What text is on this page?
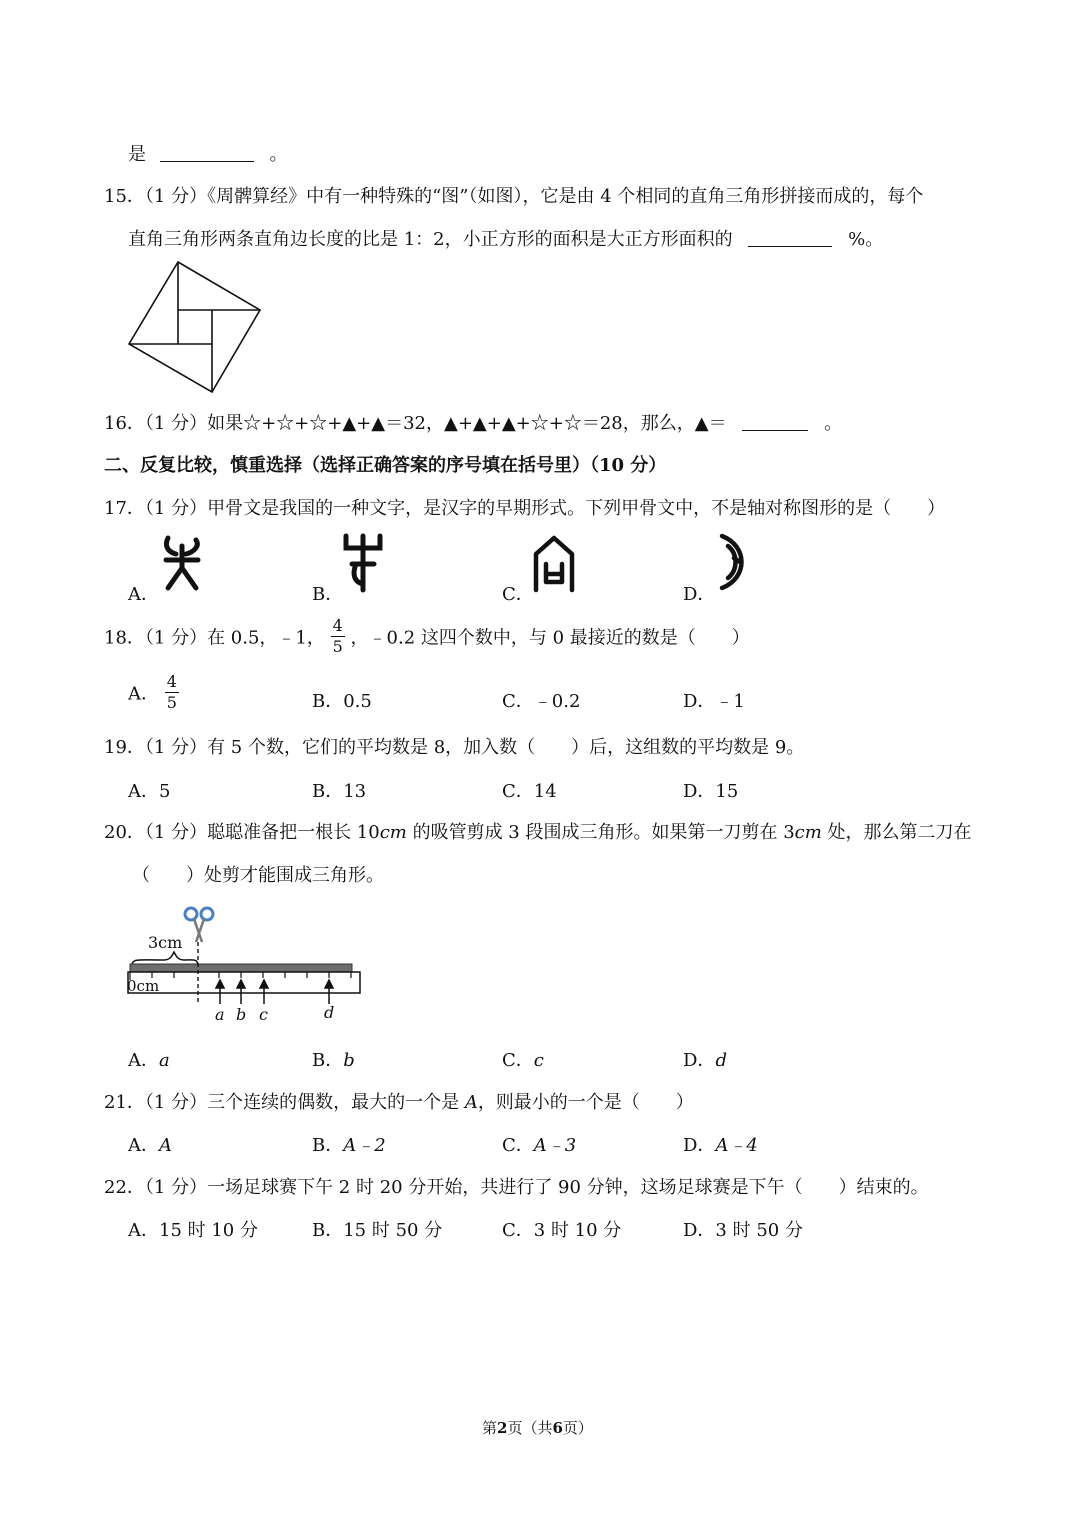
是	。
15．（1 分）《周髀算经》中有一种特殊的“图”（如图），它是由 4 个相同的直角三角形拼接而成的，每个
直角三角形两条直角边长度的比是 1：2，小正方形的面积是大正方形面积的	%。
16．（1 分）如果☆+☆+☆+▲+▲＝32，▲+▲+▲+☆+☆＝28，那么，▲＝	。
二、反复比较，慎重选择（选择正确答案的序号填在括号里）（10 分）
17．（1 分）甲骨文是我国的一种文字，是汉字的早期形式。下列甲骨文中，不是轴对称图形的是（　　）
A．	B．	C．	D．
18．（1 分）在 0.5，﹣1， $\frac{4}{5}$ ，﹣0.2 这四个数中，与 0 最接近的数是（　　）
A． $\frac{4}{5}$	B．0.5	C．﹣0.2	D．﹣1
19．（1 分）有 5 个数，它们的平均数是 8，加入数（　　）后，这组数的平均数是 9。
A．5	B．13	C．14	D．15
20．（1 分）聪聪准备把一根长 10cm 的吸管剪成 3 段围成三角形。如果第一刀剪在 3cm 处，那么第二刀在
（　　）处剪才能围成三角形。
3cm
0cm
a b c	d
A．a	B．b	C．c	D．d
21．（1 分）三个连续的偶数，最大的一个是 A，则最小的一个是（　　）
A．A	B．A﹣2	C．A﹣3	D．A﹣4
22．（1 分）一场足球赛下午 2 时 20 分开始，共进行了 90 分钟，这场足球赛是下午（　　）结束的。
A．15 时 10 分	B．15 时 50 分	C．3 时 10 分	D．3 时 50 分
第2页（共6页）
